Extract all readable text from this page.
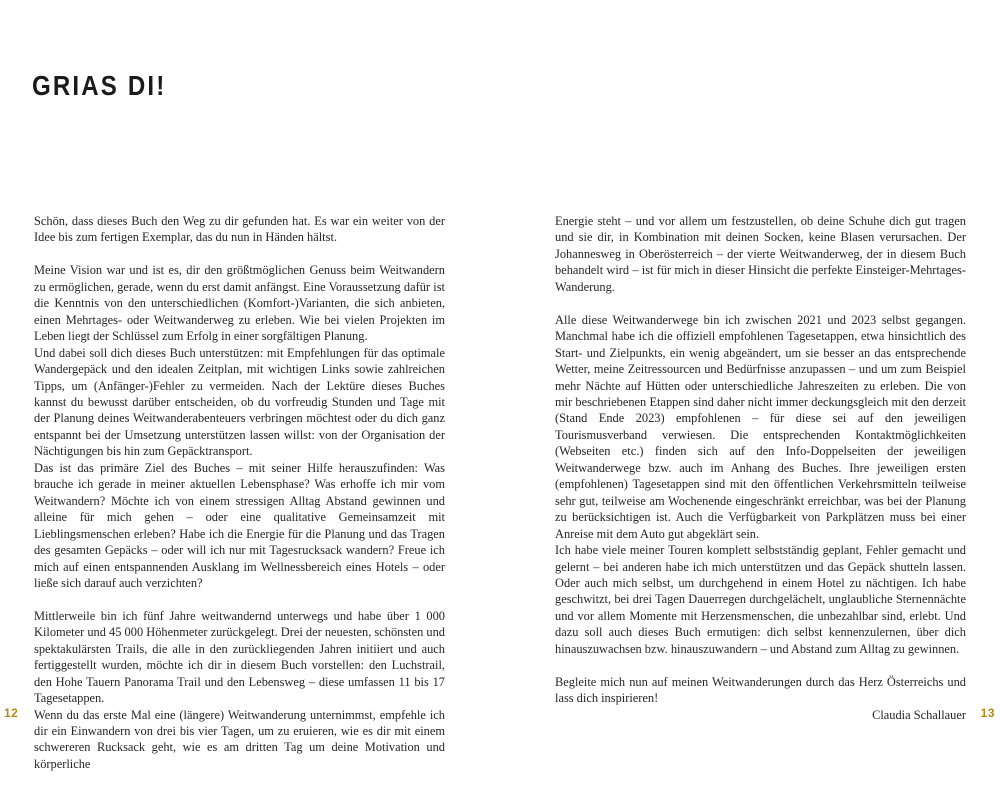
GRIAS DI!

Schön, dass dieses Buch den Weg zu dir gefunden hat. Es war ein weiter von der Idee bis zum fertigen Exemplar, das du nun in Händen hältst.

Meine Vision war und ist es, dir den größtmöglichen Genuss beim Weitwandern zu ermöglichen, gerade, wenn du erst damit anfängst. Eine Voraussetzung dafür ist die Kenntnis von den unterschiedlichen (Komfort-)Varianten, die sich anbieten, einen Mehrtages- oder Weitwanderweg zu erleben. Wie bei vielen Projekten im Leben liegt der Schlüssel zum Erfolg in einer sorgfältigen Planung.

Und dabei soll dich dieses Buch unterstützen: mit Empfehlungen für das optimale Wandergepäck und den idealen Zeitplan, mit wichtigen Links sowie zahlreichen Tipps, um (Anfänger-)Fehler zu vermeiden. Nach der Lektüre dieses Buches kannst du bewusst darüber entscheiden, ob du vorfreudig Stunden und Tage mit der Planung deines Weitwanderabenteuers verbringen möchtest oder du dich ganz entspannt bei der Umsetzung unterstützen lassen willst: von der Organisation der Nächtigungen bis hin zum Gepäcktransport.

Das ist das primäre Ziel des Buches – mit seiner Hilfe herauszufinden: Was brauche ich gerade in meiner aktuellen Lebensphase? Was erhoffe ich mir vom Weitwandern? Möchte ich von einem stressigen Alltag Abstand gewinnen und alleine für mich gehen – oder eine qualitative Gemeinsamzeit mit Lieblingsmenschen erleben? Habe ich die Energie für die Planung und das Tragen des gesamten Gepäcks – oder will ich nur mit Tagesrucksack wandern? Freue ich mich auf einen entspannenden Ausklang im Wellnessbereich eines Hotels – oder ließe sich darauf auch verzichten?

Mittlerweile bin ich fünf Jahre weitwandernd unterwegs und habe über 1 000 Kilometer und 45 000 Höhenmeter zurückgelegt. Drei der neuesten, schönsten und spektakulärsten Trails, die alle in den zurückliegenden Jahren initiiert und auch fertiggestellt wurden, möchte ich dir in diesem Buch vorstellen: den Luchstrail, den Hohe Tauern Panorama Trail und den Lebensweg – diese umfassen 11 bis 17 Tagesetappen.

Wenn du das erste Mal eine (längere) Weitwanderung unternimmst, empfehle ich dir ein Einwandern von drei bis vier Tagen, um zu eruieren, wie es dir mit einem schwereren Rucksack geht, wie es am dritten Tag um deine Motivation und körperliche

Energie steht – und vor allem um festzustellen, ob deine Schuhe dich gut tragen und sie dir, in Kombination mit deinen Socken, keine Blasen verursachen. Der Johannesweg in Oberösterreich – der vierte Weitwanderweg, der in diesem Buch behandelt wird – ist für mich in dieser Hinsicht die perfekte Einsteiger-Mehrtages-Wanderung.

Alle diese Weitwanderwege bin ich zwischen 2021 und 2023 selbst gegangen. Manchmal habe ich die offiziell empfohlenen Tagesetappen, etwa hinsichtlich des Start- und Zielpunkts, ein wenig abgeändert, um sie besser an das entsprechende Wetter, meine Zeitressourcen und Bedürfnisse anzupassen – und um zum Beispiel mehr Nächte auf Hütten oder unterschiedliche Jahreszeiten zu erleben. Die von mir beschriebenen Etappen sind daher nicht immer deckungsgleich mit den derzeit (Stand Ende 2023) empfohlenen – für diese sei auf den jeweiligen Tourismusverband verwiesen. Die entsprechenden Kontaktmöglichkeiten (Webseiten etc.) finden sich auf den Info-Doppelseiten der jeweiligen Weitwanderwege bzw. auch im Anhang des Buches. Ihre jeweiligen ersten (empfohlenen) Tagesetappen sind mit den öffentlichen Verkehrsmitteln teilweise sehr gut, teilweise am Wochenende eingeschränkt erreichbar, was bei der Planung zu berücksichtigen ist. Auch die Verfügbarkeit von Parkplätzen muss bei einer Anreise mit dem Auto gut abgeklärt sein.

Ich habe viele meiner Touren komplett selbstständig geplant, Fehler gemacht und gelernt – bei anderen habe ich mich unterstützen und das Gepäck shutteln lassen. Oder auch mich selbst, um durchgehend in einem Hotel zu nächtigen. Ich habe geschwitzt, bei drei Tagen Dauerregen durchgelächelt, unglaubliche Sternennächte und vor allem Momente mit Herzensmenschen, die unbezahlbar sind, erlebt. Und dazu soll auch dieses Buch ermutigen: dich selbst kennenzulernen, über dich hinauszuwachsen bzw. hinauszuwandern – und Abstand zum Alltag zu gewinnen.

Begleite mich nun auf meinen Weitwanderungen durch das Herz Österreichs und lass dich inspirieren!

Claudia Schallauer

12	13
